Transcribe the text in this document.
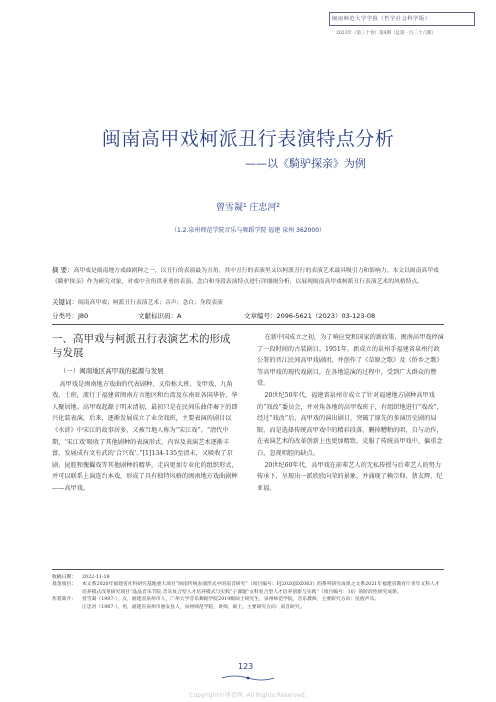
闽南师范大学学报（哲学社会科学版）
2023年（第三十卷）第4期（总第一百二十六期）
闽南高甲戏柯派丑行表演特点分析
——以《騎驴探亲》为例
曾雪凝¹ 庄忠河²
（1.2.泉州师范学院音乐与舞蹈学院 福建 泉州 362000）
摘 要：高甲戏是闽南地方戏曲剧种之一，以丑行的表演最为丑角，其中丑行的表演里又以柯派丑行的表演艺术最具吸引力和影响力。本文以闽南高甲戏《騎驴探亲》作为研究对象，对戏中丑角洪亚勇的表演、念白和身段表演特点进行详细阐分析，以展现闽南高甲戏柯派丑行表演艺术的风格特点。
关键词：闽南高甲戏；柯派丑行表演艺术；音声；念白；身段表演
分类号：J80	文献标识码：A	文章编号：2096-5621（2023）03-123-08
一、高甲戏与柯派丑行表演艺术的形成与发展
（一）闽南地区高甲戏的起源与发展

高甲戏是闽南地方戏曲的代表剧种，又俗称大班、戈甲戏、九角戏、土班，流行于福建省闽南方言地区和台湾及东南亚各国华侨、华人聚居地。高甲戏起源于明末清初，最初只是在民间乐曲伴奏下的即兴化装表演，后来，逐渐发展成立了业余戏班，主要表演的剧目以《水浒》中宋江的故事居多，又被当地人称为“宋江戏”。“清代中期，‘宋江戏’吸收了其他剧种的表演形式、内容及表演艺术逐渐丰富，发展成有文有武的‘合兴戏’。”[1]134-135至清末，又吸收了京剧、昆腔和傀儡戏等其他剧种的精华，走向更加专业化的组织形式，并可以联系上演连台本戏，形成了具有独特风格的闽南地方戏曲剧种——高甲戏。

在新中国成立之初，为了响应党和国家的新政策，闽南高甲戏停演了一段时间的古装剧目。1951年，新成立的泉州手福建省泉州行政公署的晋江民间高甲戏剧团，并创作了《草原之歌》及《侨乡之歌》等高甲戏的现代戏剧目，在各地巡演的过程中，受到广大群众的赞赏。

20世纪50年代，福建省泉州市成立了针对福建地方剧种高甲戏的“戏改”委员会，并对角各地的高甲戏班子，有组织地进行“戏改”，经过“戏改”后，高甲戏的演出剧目，突破了原先的多演历史剧的局限，而是选择传统高甲戏中的精彩段落、删掉糟粕的唱，自与动作，在表演艺术的改革创新上也更加精致，克服了传统高甲戏中，偏重念白，忽视唱腔的缺点。

20世纪60年代，高甲戏在前辈艺人的无私传授与后辈艺人的努力传承下，呈现出一派欣欣向荣的景象，并涌现了赖宗仰、蔡友辉、纪亚福、

收稿日期：	2022-11-18
基金项目：	本文系2020年福建省社科研究基地重大项目“闽南传统表演形式中的南音研究”（项目编号：FJ2020JDZ063）的系列研究成果之文系2021年福建省教育厅青年文科人才培养模式改革研究项目“晶晶音乐节院.音乐复合型人才培养模式与实践”子课题“文科复合型人才培养创新与实践”（项目编号：10）的阶段性研究成果。
作者简介：	曾雪凝（1997-），女，福建省泉州市人，广州大学音乐舞蹈学院2019级硕士研究生，泉州师范学院，音乐教师，主要研究方向：民族声乐。
庄忠河（1987-），男，福建省泉州市惠安县人，泉州师范学院，讲师，硕士，主要研究方向：南音研究。
123
Copyright©博看网. All Rights Reserved.
